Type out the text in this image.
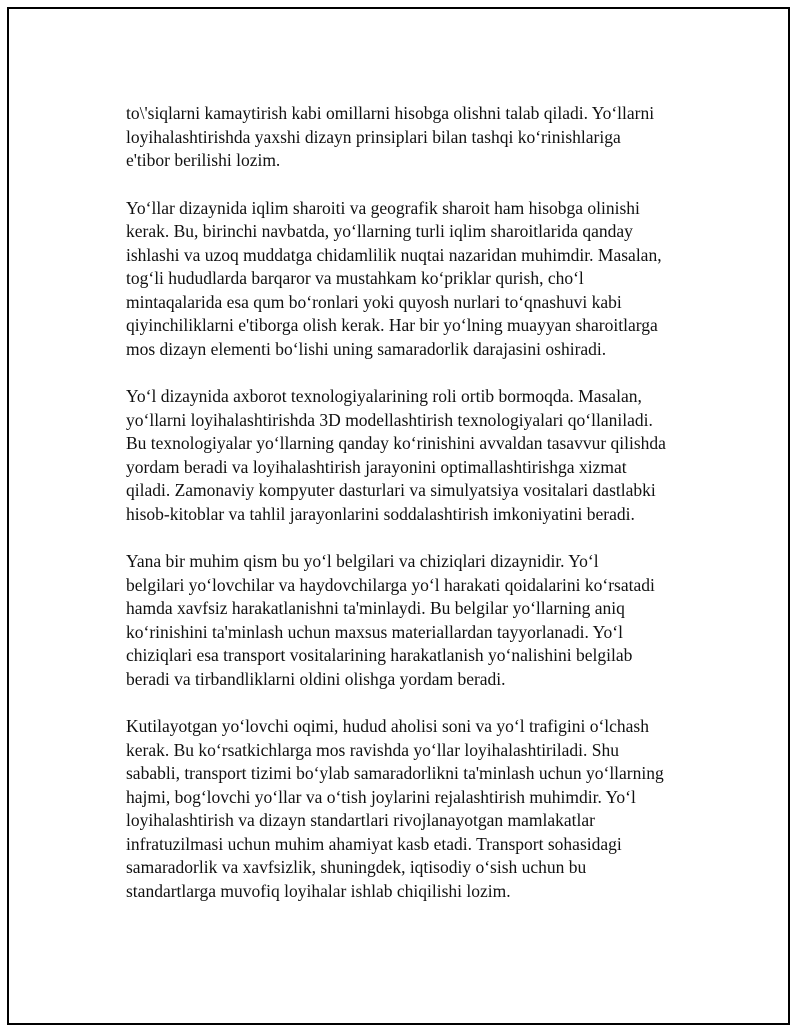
to\'siqlarni kamaytirish kabi omillarni hisobga olishni talab qiladi. Yo‘llarni
loyihalashtirishda yaxshi dizayn prinsiplari bilan tashqi ko‘rinishlariga
e'tibor berilishi lozim.

Yo‘llar dizaynida iqlim sharoiti va geografik sharoit ham hisobga olinishi
kerak. Bu, birinchi navbatda, yo‘llarning turli iqlim sharoitlarida qanday
ishlashi va uzoq muddatga chidamlilik nuqtai nazaridan muhimdir. Masalan,
tog‘li hududlarda barqaror va mustahkam ko‘priklar qurish, cho‘l
mintaqalarida esa qum bo‘ronlari yoki quyosh nurlari to‘qnashuvi kabi
qiyinchiliklarni e'tiborga olish kerak. Har bir yo‘lning muayyan sharoitlarga
mos dizayn elementi bo‘lishi uning samaradorlik darajasini oshiradi.

Yo‘l dizaynida axborot texnologiyalarining roli ortib bormoqda. Masalan,
yo‘llarni loyihalashtirishda 3D modellashtirish texnologiyalari qo‘llaniladi.
Bu texnologiyalar yo‘llarning qanday ko‘rinishini avvaldan tasavvur qilishda
yordam beradi va loyihalashtirish jarayonini optimallashtirishga xizmat
qiladi. Zamonaviy kompyuter dasturlari va simulyatsiya vositalari dastlabki
hisob-kitoblar va tahlil jarayonlarini soddalashtirish imkoniyatini beradi.

Yana bir muhim qism bu yo‘l belgilari va chiziqlari dizaynidir. Yo‘l
belgilari yo‘lovchilar va haydovchilarga yo‘l harakati qoidalarini ko‘rsatadi
hamda xavfsiz harakatlanishni ta'minlaydi. Bu belgilar yo‘llarning aniq
ko‘rinishini ta'minlash uchun maxsus materiallardan tayyorlanadi. Yo‘l
chiziqlari esa transport vositalarining harakatlanish yo‘nalishini belgilab
beradi va tirbandliklarni oldini olishga yordam beradi.

Kutilayotgan yo‘lovchi oqimi, hudud aholisi soni va yo‘l trafigini o‘lchash
kerak. Bu ko‘rsatkichlarga mos ravishda yo‘llar loyihalashtiriladi. Shu
sababli, transport tizimi bo‘ylab samaradorlikni ta'minlash uchun yo‘llarning
hajmi, bog‘lovchi yo‘llar va o‘tish joylarini rejalashtirish muhimdir. Yo‘l
loyihalashtirish va dizayn standartlari rivojlanayotgan mamlakatlar
infratuzilmasi uchun muhim ahamiyat kasb etadi. Transport sohasidagi
samaradorlik va xavfsizlik, shuningdek, iqtisodiy o‘sish uchun bu
standartlarga muvofiq loyihalar ishlab chiqilishi lozim.
